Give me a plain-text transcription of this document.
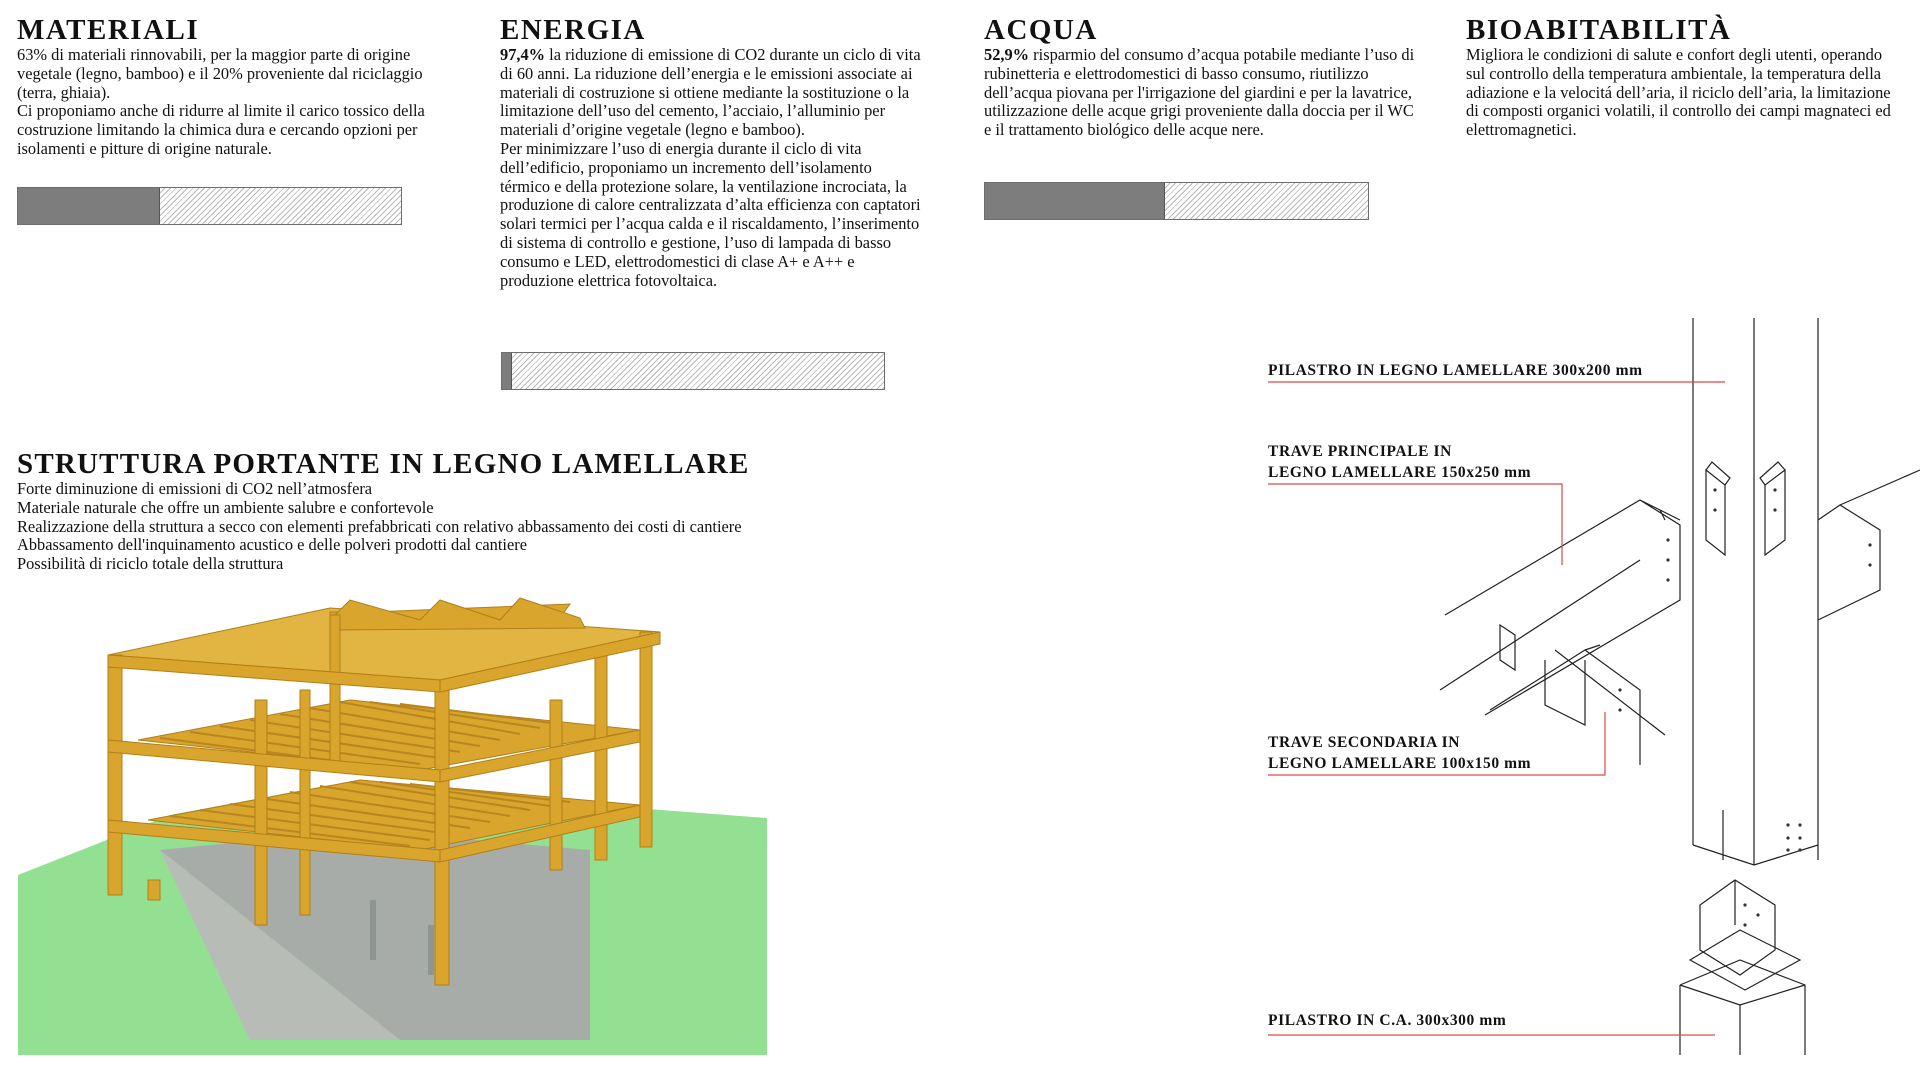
MATERIALI

63% di materiali rinnovabili, per la maggior parte di origine vegetale (legno, bamboo) e il 20% proveniente dal riciclaggio (terra, ghiaia).

Ci proponiamo anche di ridurre al limite il carico tossico della costruzione limitando la chimica dura e cercando opzioni per isolamenti e pitture di origine naturale.

ENERGIA

97,4% la riduzione di emissione di CO2 durante un ciclo di vita di 60 anni. La riduzione dell’energia e le emissioni associate ai materiali di costruzione si ottiene mediante la sostituzione o la limitazione dell’uso del cemento, l’acciaio, l’alluminio per materiali d’origine vegetale (legno e bamboo).

Per minimizzare l’uso di energia durante il ciclo di vita dell’edificio, proponiamo un incremento dell’isolamento térmico e della protezione solare, la ventilazione incrociata, la produzione di calore centralizzata d’alta efficienza con captatori solari termici per l’acqua calda e il riscaldamento, l’inserimento di sistema di controllo e gestione, l’uso di lampada di basso consumo e LED, elettrodomestici di clase A+ e A++ e produzione elettrica fotovoltaica.

ACQUA

52,9% risparmio del consumo d’acqua potabile mediante l’uso di rubinetteria e elettrodomestici di basso consumo, riutilizzo dell’acqua piovana per l'irrigazione del giardini e per la lavatrice, utilizzazione delle acque grigi proveniente dalla doccia per il WC e il trattamento biológico delle acque nere.

BIOABITABILITÀ

Migliora le condizioni di salute e confort degli utenti, operando sul controllo della temperatura ambientale, la temperatura della adiazione e la velocitá dell’aria, il riciclo dell’aria, la limitazione di composti organici volatili, il controllo dei campi magnateci ed elettromagnetici.

STRUTTURA PORTANTE IN LEGNO LAMELLARE
Forte diminuzione di emissioni di CO2 nell’atmosfera
Materiale naturale che offre un ambiente salubre e confortevole
Realizzazione della struttura a secco con elementi prefabbricati con relativo abbassamento dei costi di cantiere
Abbassamento dell'inquinamento acustico e delle polveri prodotti dal cantiere
Possibilità di riciclo totale della struttura
PILASTRO IN LEGNO LAMELLARE 300x200 mm
TRAVE PRINCIPALE IN
LEGNO LAMELLARE 150x250 mm
TRAVE SECONDARIA IN
LEGNO LAMELLARE 100x150 mm
PILASTRO IN C.A. 300x300 mm
